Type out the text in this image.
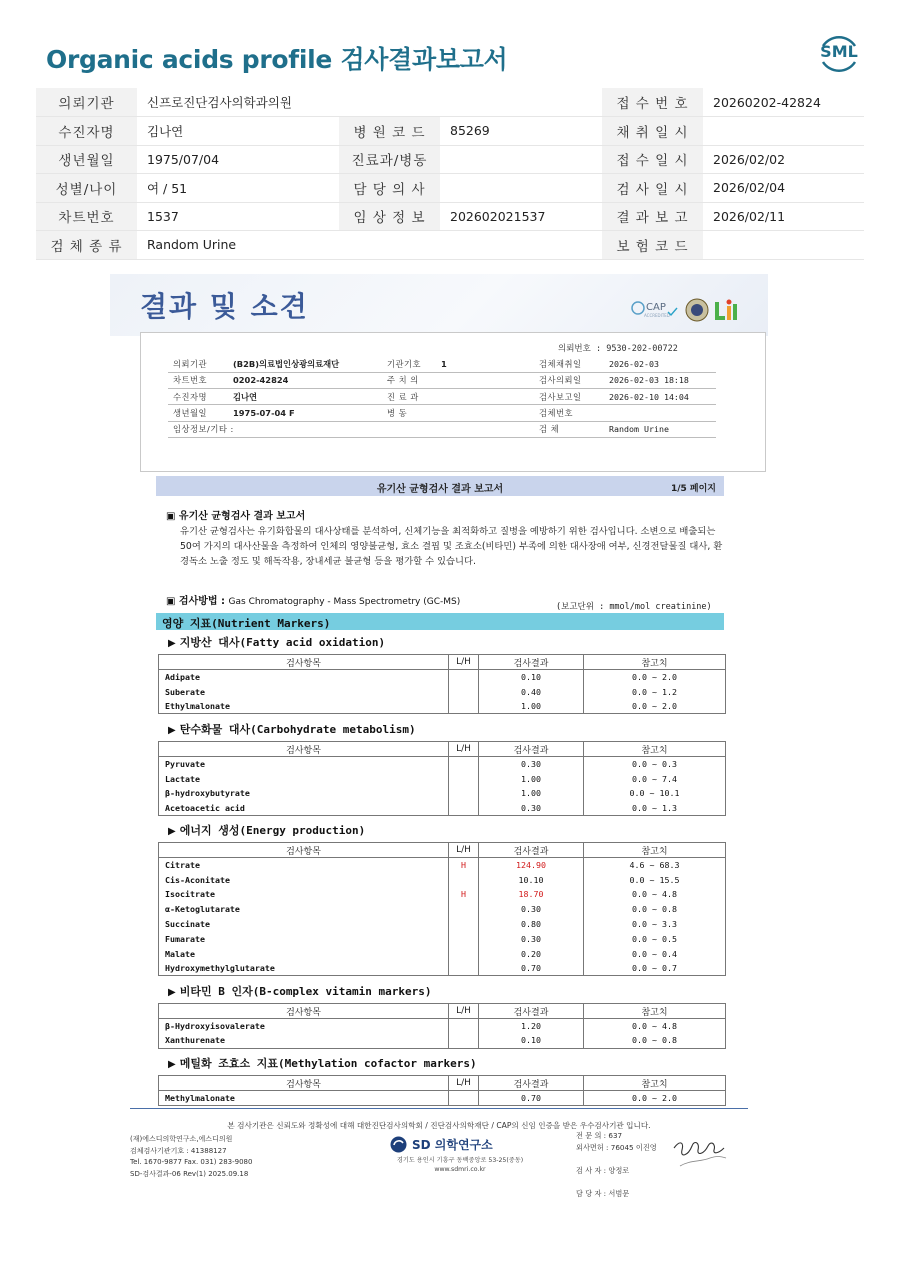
Organic acids profile 검사결과보고서	SML
의뢰기관	신프로진단검사의학과의원			접 수 번 호	20260202-42824
수진자명	김나연	병 원 코 드	85269	채 취 일 시	
생년월일	1975/07/04	진료과/병동		접 수 일 시	2026/02/02
성별/나이	여 / 51	담 당 의 사		검 사 일 시	2026/02/04
차트번호	1537	임 상 정 보	202602021537	결 과 보 고	2026/02/11
검 체 종 류	Random Urine			보 험 코 드	
결과 및 소견	CAP
ACCREDITED
의뢰번호 : 9530-202-00722
의뢰기관	(B2B)의료법인상광의료재단	기관기호	1	검체채취일	2026-02-03
차트번호	0202-42824	주 치 의		검사의뢰일	2026-02-03 18:18
수진자명	김나연	진 료 과		검사보고일	2026-02-10 14:04
생년월일	1975-07-04 F	병 동		검체번호	
임상정보/기타 :				검 체	Random Urine
유기산 균형검사 결과 보고서	1/5 페이지
▣ 유기산 균형검사 결과 보고서
유기산 균형검사는 유기화합물의 대사상태를 분석하여, 신체기능을 최적화하고 질병을 예방하기 위한 검사입니다. 소변으로 배출되는 50여 가지의 대사산물을 측정하여 인체의 영양불균형, 효소 결핍 및 조효소(비타민) 부족에 의한 대사장애 여부, 신경전달물질 대사, 환경독소 노출 정도 및 해독작용, 장내세균 불균형 등을 평가할 수 있습니다.
▣ 검사방법 : Gas Chromatography - Mass Spectrometry (GC-MS)	(보고단위 : mmol/mol creatinine)
영양 지표(Nutrient Markers)
▶ 지방산 대사(Fatty acid oxidation)
검사항목	L/H	검사결과	참고치
Adipate		0.10	0.0 ~ 2.0
Suberate		0.40	0.0 ~ 1.2
Ethylmalonate		1.00	0.0 ~ 2.0
▶ 탄수화물 대사(Carbohydrate metabolism)
검사항목	L/H	검사결과	참고치
Pyruvate		0.30	0.0 ~ 0.3
Lactate		1.00	0.0 ~ 7.4
β-hydroxybutyrate		1.00	0.0 ~ 10.1
Acetoacetic acid		0.30	0.0 ~ 1.3
▶ 에너지 생성(Energy production)
검사항목	L/H	검사결과	참고치
Citrate	H	124.90	4.6 ~ 68.3
Cis-Aconitate		10.10	0.0 ~ 15.5
Isocitrate	H	18.70	0.0 ~ 4.8
α-Ketoglutarate		0.30	0.0 ~ 0.8
Succinate		0.80	0.0 ~ 3.3
Fumarate		0.30	0.0 ~ 0.5
Malate		0.20	0.0 ~ 0.4
Hydroxymethylglutarate		0.70	0.0 ~ 0.7
▶ 비타민 B 인자(B-complex vitamin markers)
검사항목	L/H	검사결과	참고치
β-Hydroxyisovalerate		1.20	0.0 ~ 4.8
Xanthurenate		0.10	0.0 ~ 0.8
▶ 메틸화 조효소 지표(Methylation cofactor markers)
검사항목	L/H	검사결과	참고치
Methylmalonate		0.70	0.0 ~ 2.0
본 검사기관은 신뢰도와 정확성에 대해 대한진단검사의학회 / 진단검사의학재단 / CAP의 신임 인증을 받은 우수검사기관 입니다.
(재)에스디의학연구소,에스디의원
검체검사기관기호 : 41388127
Tel. 1670-9877 Fax. 031) 283-9080
SD-검사결과-06 Rev(1) 2025.09.18
SD 의학연구소
경기도 용인시 기흥구 동백중앙로 53-25(중동)
www.sdmri.co.kr
전 문 의 : 637
외사면허 : 76045 이진영

검 사 자 : 양정로

담 당 자 : 서범문
